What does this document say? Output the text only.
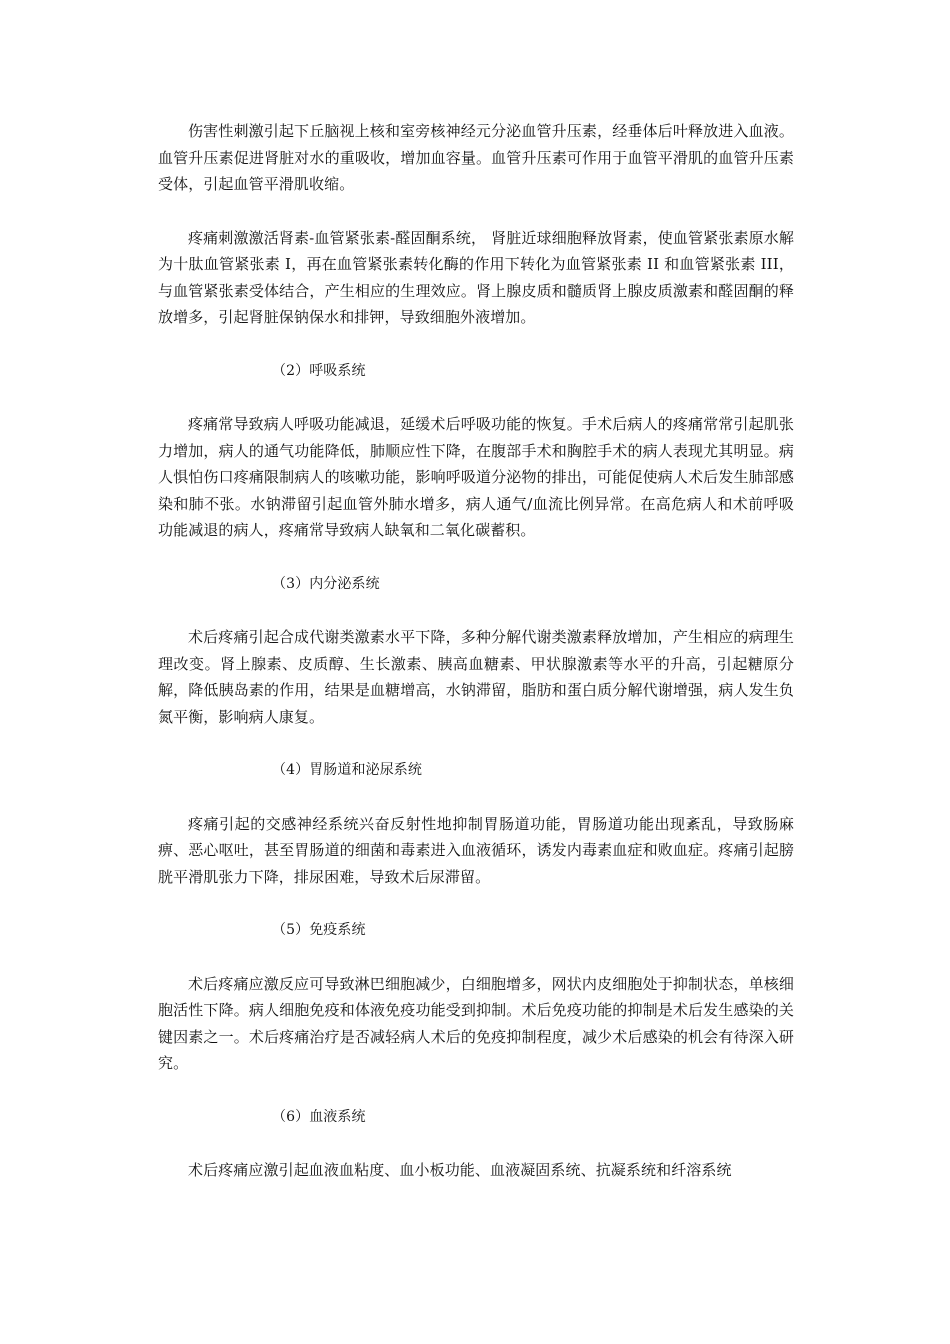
伤害性刺激引起下丘脑视上核和室旁核神经元分泌血管升压素，经垂体后叶释放进入血液。血管升压素促进肾脏对水的重吸收，增加血容量。血管升压素可作用于血管平滑肌的血管升压素受体，引起血管平滑肌收缩。

疼痛刺激激活肾素-血管紧张素-醛固酮系统， 肾脏近球细胞释放肾素，使血管紧张素原水解为十肽血管紧张素 I，再在血管紧张素转化酶的作用下转化为血管紧张素 II 和血管紧张素 III，与血管紧张素受体结合，产生相应的生理效应。肾上腺皮质和髓质肾上腺皮质激素和醛固酮的释放增多，引起肾脏保钠保水和排钾，导致细胞外液增加。

（2）呼吸系统

疼痛常导致病人呼吸功能减退，延缓术后呼吸功能的恢复。手术后病人的疼痛常常引起肌张力增加，病人的通气功能降低，肺顺应性下降，在腹部手术和胸腔手术的病人表现尤其明显。病人惧怕伤口疼痛限制病人的咳嗽功能，影响呼吸道分泌物的排出，可能促使病人术后发生肺部感染和肺不张。水钠滞留引起血管外肺水增多，病人通气/血流比例异常。在高危病人和术前呼吸功能减退的病人，疼痛常导致病人缺氧和二氧化碳蓄积。

（3）内分泌系统

术后疼痛引起合成代谢类激素水平下降，多种分解代谢类激素释放增加，产生相应的病理生理改变。肾上腺素、皮质醇、生长激素、胰高血糖素、甲状腺激素等水平的升高，引起糖原分解，降低胰岛素的作用，结果是血糖增高，水钠滞留，脂肪和蛋白质分解代谢增强，病人发生负氮平衡，影响病人康复。

（4）胃肠道和泌尿系统

疼痛引起的交感神经系统兴奋反射性地抑制胃肠道功能，胃肠道功能出现紊乱，导致肠麻痹、恶心呕吐，甚至胃肠道的细菌和毒素进入血液循环，诱发内毒素血症和败血症。疼痛引起膀胱平滑肌张力下降，排尿困难，导致术后尿滞留。

（5）免疫系统

术后疼痛应激反应可导致淋巴细胞减少，白细胞增多，网状内皮细胞处于抑制状态，单核细胞活性下降。病人细胞免疫和体液免疫功能受到抑制。术后免疫功能的抑制是术后发生感染的关键因素之一。术后疼痛治疗是否减轻病人术后的免疫抑制程度，减少术后感染的机会有待深入研究。

（6）血液系统

术后疼痛应激引起血液血粘度、血小板功能、血液凝固系统、抗凝系统和纤溶系统
